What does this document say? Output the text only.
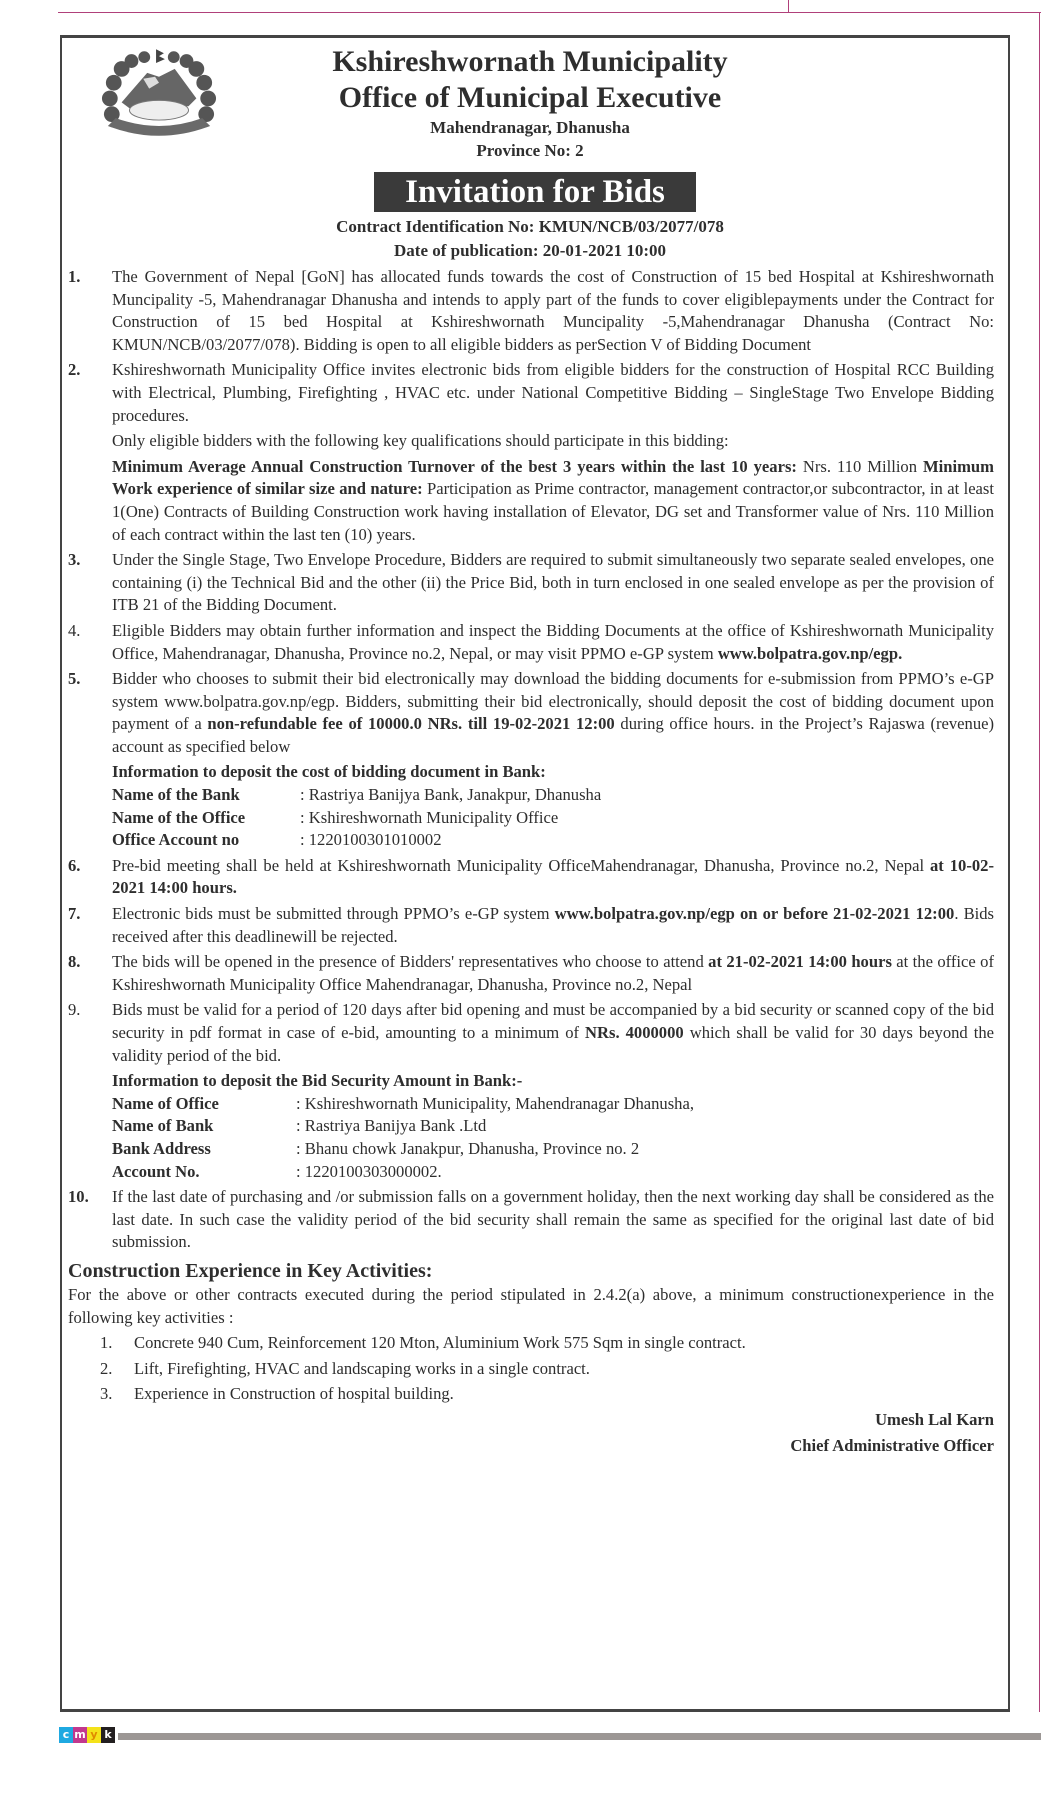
Kshireshwornath Municipality
Office of Municipal Executive
Mahendranagar, Dhanusha
Province No: 2
Invitation for Bids
Contract Identification No: KMUN/NCB/03/2077/078
Date of publication: 20-01-2021 10:00
1.	The Government of Nepal [GoN] has allocated funds towards the cost of Construction of 15 bed Hospital at Kshireshwornath Muncipality -5, Mahendranagar Dhanusha and intends to apply part of the funds to cover eligiblepayments under the Contract for Construction of 15 bed Hospital at Kshireshwornath Muncipality -5,Mahendranagar Dhanusha (Contract No: KMUN/NCB/03/2077/078). Bidding is open to all eligible bidders as perSection V of Bidding Document

2.	Kshireshwornath Municipality Office invites electronic bids from eligible bidders for the construction of Hospital RCC Building with Electrical, Plumbing, Firefighting , HVAC etc. under National Competitive Bidding – SingleStage Two Envelope Bidding procedures.

Only eligible bidders with the following key qualifications should participate in this bidding:

Minimum Average Annual Construction Turnover of the best 3 years within the last 10 years: Nrs. 110 Million Minimum Work experience of similar size and nature: Participation as Prime contractor, management contractor,or subcontractor, in at least 1(One) Contracts of Building Construction work having installation of Elevator, DG set and Transformer value of Nrs. 110 Million of each contract within the last ten (10) years.

3.	Under the Single Stage, Two Envelope Procedure, Bidders are required to submit simultaneously two separate sealed envelopes, one containing (i) the Technical Bid and the other (ii) the Price Bid, both in turn enclosed in one sealed envelope as per the provision of ITB 21 of the Bidding Document.

4.	Eligible Bidders may obtain further information and inspect the Bidding Documents at the office of Kshireshwornath Municipality Office, Mahendranagar, Dhanusha, Province no.2, Nepal, or may visit PPMO e-GP system www.bolpatra.gov.np/egp.

5.	Bidder who chooses to submit their bid electronically may download the bidding documents for e-submission from PPMO’s e-GP system www.bolpatra.gov.np/egp. Bidders, submitting their bid electronically, should deposit the cost of bidding document upon payment of a non-refundable fee of 10000.0 NRs. till 19-02-2021 12:00 during office hours. in the Project’s Rajaswa (revenue) account as specified below

Information to deposit the cost of bidding document in Bank:

Name of the Bank	: Rastriya Banijya Bank, Janakpur, Dhanusha
Name of the Office	: Kshireshwornath Municipality Office
Office Account no	: 1220100301010002
6.	Pre-bid meeting shall be held at Kshireshwornath Municipality OfficeMahendranagar, Dhanusha, Province no.2, Nepal at 10-02-2021 14:00 hours.

7.	Electronic bids must be submitted through PPMO’s e-GP system www.bolpatra.gov.np/egp on or before 21-02-2021 12:00. Bids received after this deadlinewill be rejected.

8.	The bids will be opened in the presence of Bidders' representatives who choose to attend at 21-02-2021 14:00 hours at the office of Kshireshwornath Municipality Office Mahendranagar, Dhanusha, Province no.2, Nepal

9.	Bids must be valid for a period of 120 days after bid opening and must be accompanied by a bid security or scanned copy of the bid security in pdf format in case of e-bid, amounting to a minimum of NRs. 4000000 which shall be valid for 30 days beyond the validity period of the bid.

Information to deposit the Bid Security Amount in Bank:-

Name of Office	: Kshireshwornath Municipality, Mahendranagar Dhanusha,
Name of Bank	: Rastriya Banijya Bank .Ltd
Bank Address	: Bhanu chowk Janakpur, Dhanusha, Province no. 2
Account No.	: 1220100303000002.
10.	If the last date of purchasing and /or submission falls on a government holiday, then the next working day shall be considered as the last date. In such case the validity period of the bid security shall remain the same as specified for the original last date of bid submission.

Construction Experience in Key Activities:

For the above or other contracts executed during the period stipulated in 2.4.2(a) above, a minimum constructionexperience in the following key activities :

1. Concrete 940 Cum, Reinforcement 120 Mton, Aluminium Work 575 Sqm in single contract.
2. Lift, Firefighting, HVAC and landscaping works in a single contract.
3. Experience in Construction of hospital building.
Umesh Lal Karn
Chief Administrative Officer
c m y k
